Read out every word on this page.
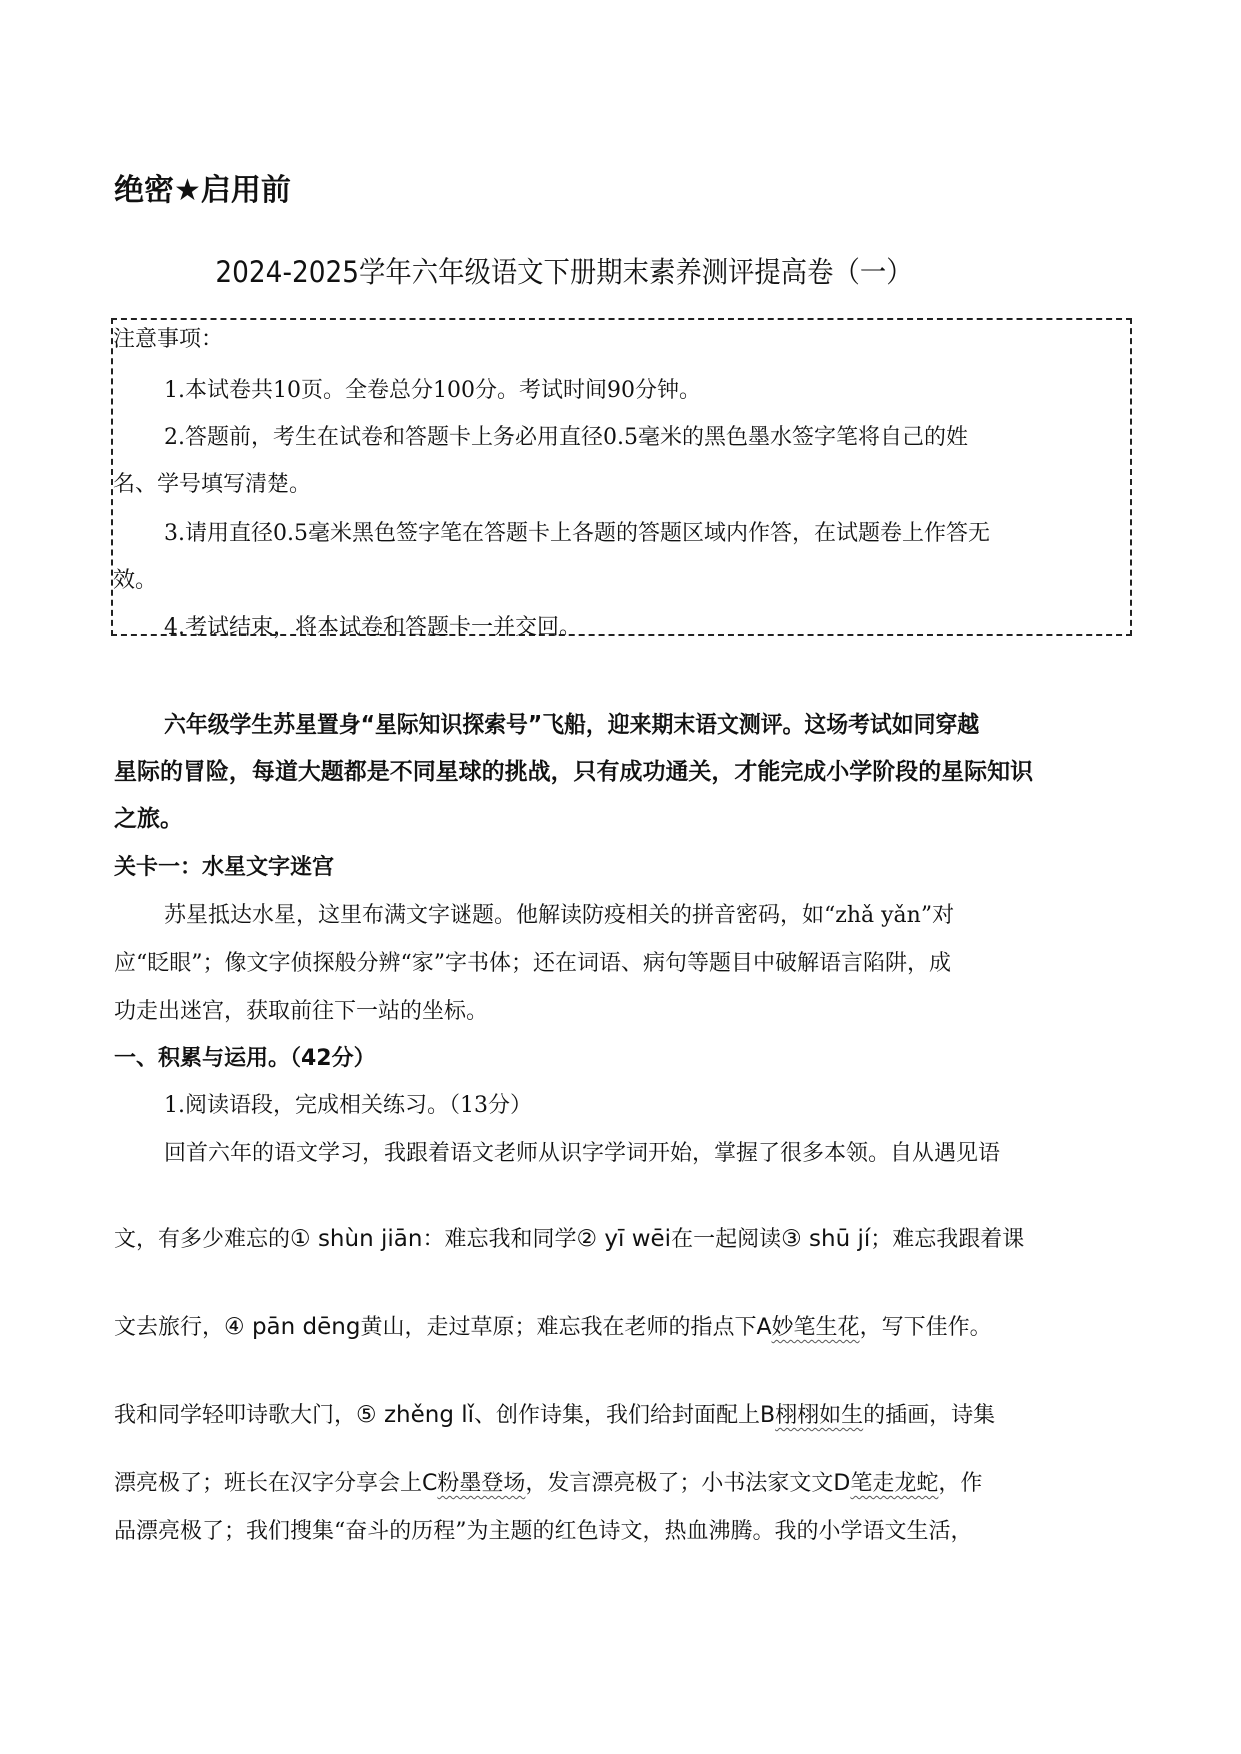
绝密★启用前
2024-2025学年六年级语文下册期末素养测评提高卷（一）
注意事项：
1.本试卷共10页。全卷总分100分。考试时间90分钟。
2.答题前，考生在试卷和答题卡上务必用直径0.5毫米的黑色墨水签字笔将自己的姓
名、学号填写清楚。
3.请用直径0.5毫米黑色签字笔在答题卡上各题的答题区域内作答，在试题卷上作答无
效。
4.考试结束，将本试卷和答题卡一并交回。
六年级学生苏星置身“星际知识探索号”飞船，迎来期末语文测评。这场考试如同穿越
星际的冒险，每道大题都是不同星球的挑战，只有成功通关，才能完成小学阶段的星际知识
之旅。
关卡一：水星文字迷宫
苏星抵达水星，这里布满文字谜题。他解读防疫相关的拼音密码，如“zhǎ yǎn”对
应“眨眼”；像文字侦探般分辨“家”字书体；还在词语、病句等题目中破解语言陷阱，成
功走出迷宫，获取前往下一站的坐标。
一、积累与运用。（42分）
1.阅读语段，完成相关练习。（13分）
回首六年的语文学习，我跟着语文老师从识字学词开始，掌握了很多本领。自从遇见语
文，有多少难忘的① shùn jiān：难忘我和同学② yī wēi在一起阅读③ shū jí；难忘我跟着课
文去旅行，④ pān dēng黄山，走过草原；难忘我在老师的指点下A妙笔生花，写下佳作。
我和同学轻叩诗歌大门，⑤ zhěng lǐ、创作诗集，我们给封面配上B栩栩如生的插画，诗集
漂亮极了；班长在汉字分享会上C粉墨登场，发言漂亮极了；小书法家文文D笔走龙蛇，作
品漂亮极了；我们搜集“奋斗的历程”为主题的红色诗文，热血沸腾。我的小学语文生活，
